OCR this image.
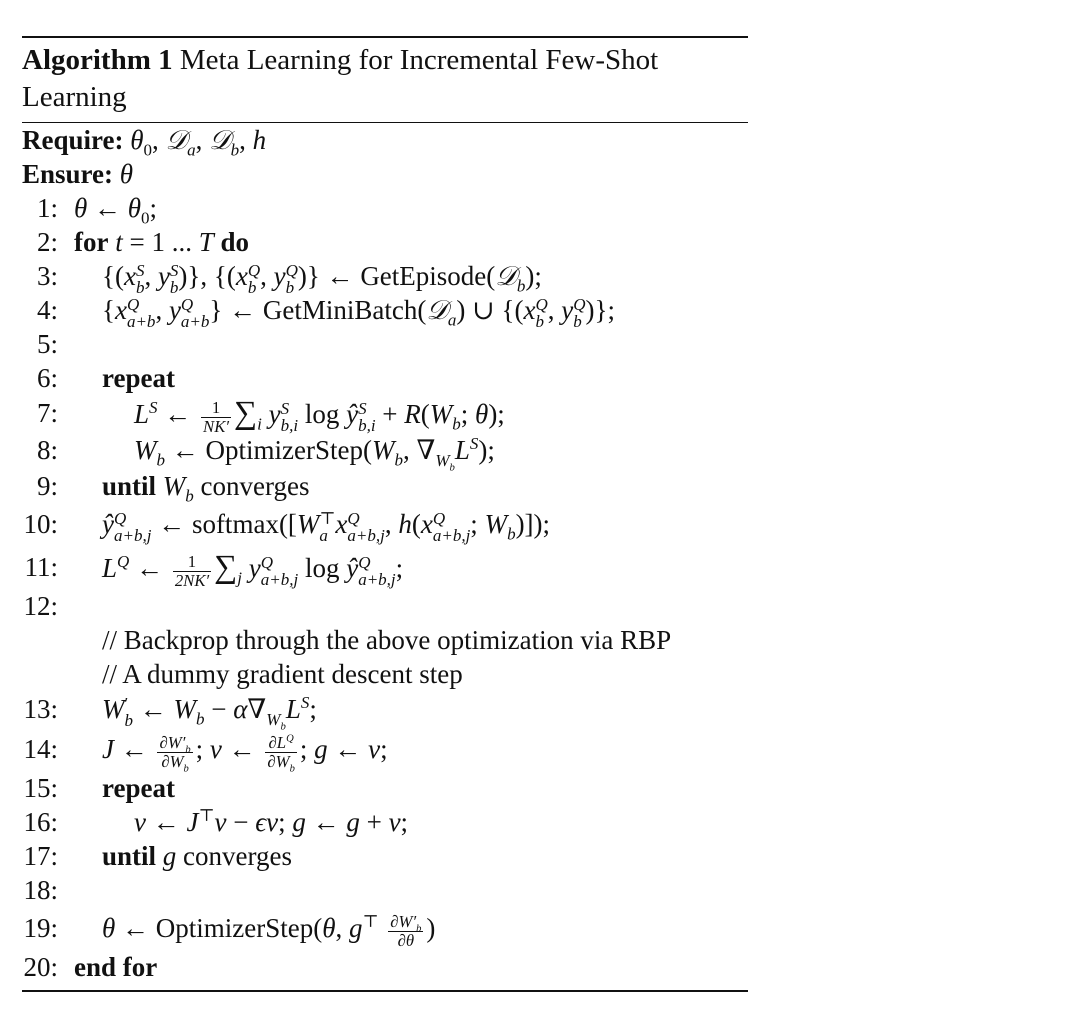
Algorithm 1 Meta Learning for Incremental Few-Shot
Learning
Require: $\theta_0$, 𝒟$_a$, 𝒟$_b$, h
Ensure: θ
1: θ ← $\theta_0$;
2: for t = 1 ... T do
3: {(x S
b , y S
b )}, {(x Q
b , y Q
b )} ← GetEpisode(𝒟$_b$);
4: {x Q
a+b , y Q
a+b } ← GetMiniBatch(𝒟$_a$) ∪ {(x Q
b , y Q
b )};
5:
6: repeat
7:	$L^S$ ← $\frac{1}{NK'} \sum_i$ y S
b,i log ŷ S
$b,i + R(W_b$; θ);
8:	$W_b$ ← $OptimizerStep(W_b$, $\nabla_{W_b}L^S$);
9: until $W_b$ converges
10: ŷ Q
a+b,j ← softmax([W ⊤
a x Q
a+b,j , h(x Q
a+b,j ; $W_b$)]);
11: $L^Q$ ← $\frac{1}{2NK'} \sum_j$ y Q
a+b,j log ŷ Q
a+b,j ;
12:
// Backprop through the above optimization via RBP
// A dummy gradient descent step
13: W ′
b ← $W_b - \alpha\nabla_{W_b}L^S$;
14: J ← $\frac{\partial W'_b}{\partial W_b}$ ; v ← $\frac{\partial L^Q}{\partial W_b}$ ; g ← v;
15: repeat
16:	v ← J⊤v − ϵv; g ← g + v;
17: until g converges
18:
19: θ ← OptimizerStep(θ, $g^⊤ \frac{\partial W'_b}{\partial\theta}$ )
20: end for
